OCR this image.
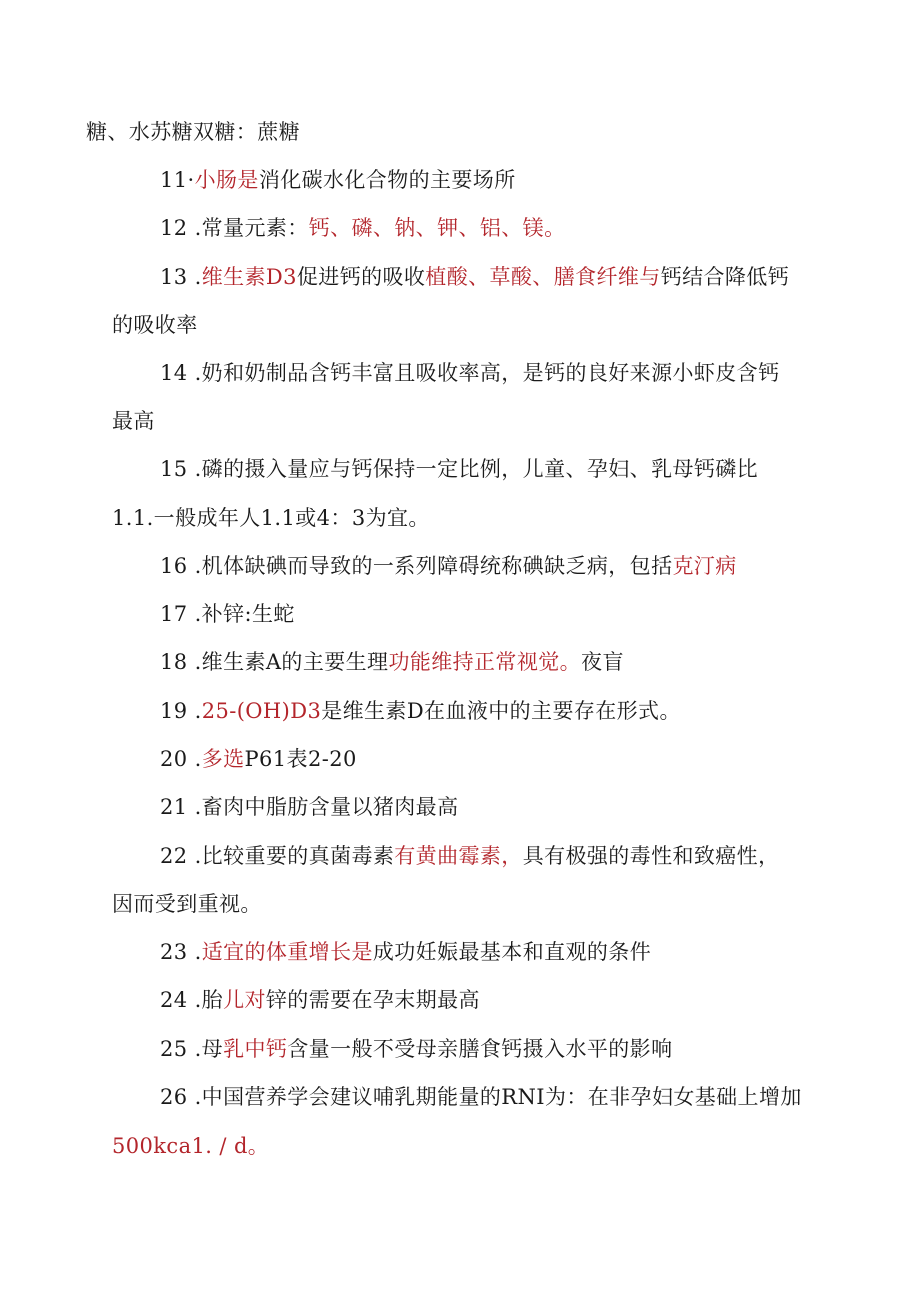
糖、水苏糖双糖：蔗糖
11·小肠是消化碳水化合物的主要场所
12 .常量元素：钙、磷、钠、钾、铝、镁。
13 .维生素D3促进钙的吸收植酸、草酸、膳食纤维与钙结合降低钙
的吸收率
14 .奶和奶制品含钙丰富且吸收率高，是钙的良好来源小虾皮含钙
最高
15 .磷的摄入量应与钙保持一定比例，儿童、孕妇、乳母钙磷比
1.1.一般成年人1.1或4：3为宜。
16 .机体缺碘而导致的一系列障碍统称碘缺乏病，包括克汀病
17 .补锌:生蛇
18 .维生素A的主要生理功能维持正常视觉。夜盲
19 .25-(OH)D3是维生素D在血液中的主要存在形式。
20 .多选P61表2-20
21 .畜肉中脂肪含量以猪肉最高
22 .比较重要的真菌毒素有黄曲霉素，具有极强的毒性和致癌性，
因而受到重视。
23 .适宜的体重增长是成功妊娠最基本和直观的条件
24 .胎儿对锌的需要在孕末期最高
25 .母乳中钙含量一般不受母亲膳食钙摄入水平的影响
26 .中国营养学会建议哺乳期能量的RNI为：在非孕妇女基础上增加
500kca1. / d。
